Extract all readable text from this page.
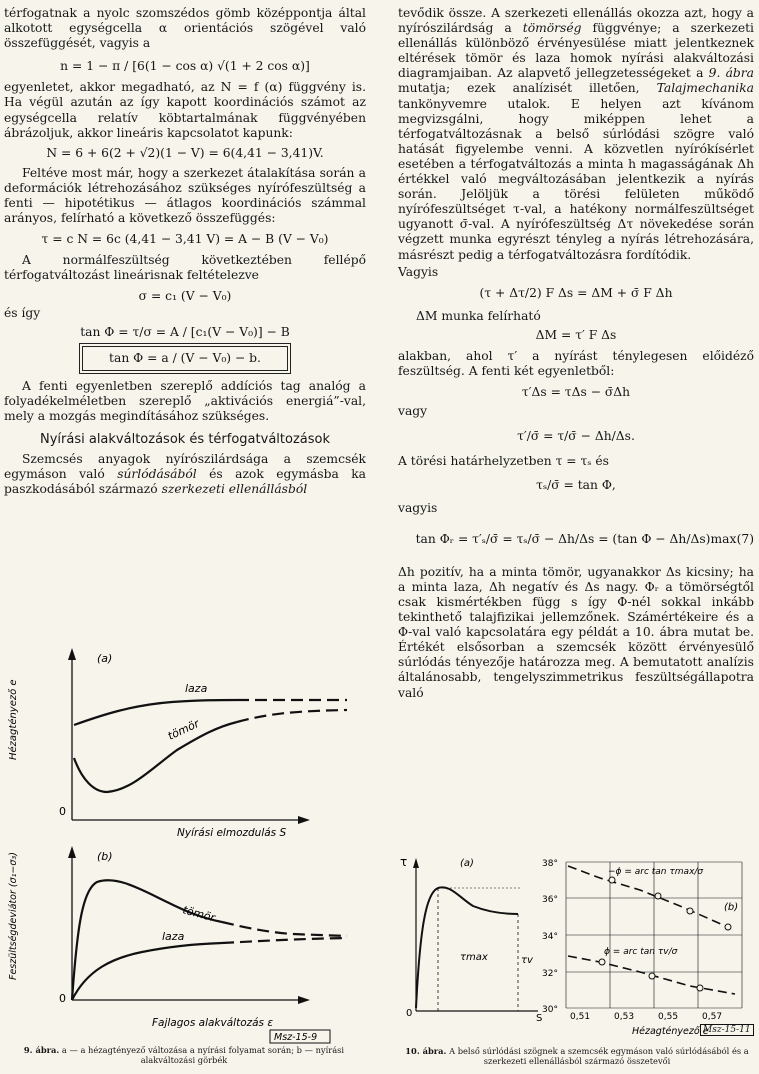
térfogatnak a nyolc szomszédos gömb középpontja által alkotott egységcella α orientációs szögével való összefüggését, vagyis a

n = 1 − π / [6(1 − cos α) √(1 + 2 cos α)]

egyenletet, akkor megadható, az N = f (α) függvény is. Ha végül azután az így kapott koordinációs számot az egységcella relatív köbtartalmának függvényében ábrázoljuk, akkor lineáris kapcsolatot kapunk:

N = 6 + 6(2 + √2)(1 − V) = 6(4,41 − 3,41)V.

Feltéve most már, hogy a szerkezet átalakítása során a deformációk létrehozásához szükséges nyírófeszültség a fenti — hipotétikus — átlagos koordinációs számmal arányos, felírható a következő összefüggés:

τ = c N = 6c (4,41 − 3,41 V) = A − B (V − V₀)

A normálfeszültség következtében fellépő térfogatváltozást lineárisnak feltételezve

σ = c₁ (V − V₀)

és így

tan Φ = τ/σ = A / [c₁(V − V₀)] − B
tan Φ = a / (V − V₀) − b.

A fenti egyenletben szereplő addíciós tag analóg a folyadékelméletben szereplő „aktivációs energiá”-val, mely a mozgás megindításához szükséges.

Nyírási alakváltozások és térfogatváltozások

Szemcsés anyagok nyírószilárdsága a szemcsék egymáson való súrlódásából és azok egymásba ka paszkodásából származó szerkezeti ellenállásból

tevődik össze. A szerkezeti ellenállás okozza azt, hogy a nyírószilárdság a tömörség függvénye; a szerkezeti ellenállás különböző érvényesülése miatt jelentkeznek eltérések tömör és laza homok nyírási alakváltozási diagramjaiban. Az alapvető jellegzetességeket a 9. ábra mutatja; ezek analízisét illetően, Talajmechanika tankönyvemre utalok. E helyen azt kívánom megvizsgálni, hogy miképpen lehet a térfogatváltozásnak a belső súrlódási szögre való hatását figyelembe venni. A közvetlen nyírókísérlet esetében a térfogatváltozás a minta h magasságának Δh értékkel való megváltozásában jelentkezik a nyírás során. Jelöljük a törési felületen működő nyírófeszültséget τ-val, a hatékony normálfeszültséget ugyanott σ̄-val. A nyírófeszültség Δτ növekedése során végzett munka egyrészt tényleg a nyírás létrehozására, másrészt pedig a térfogatváltozásra fordítódik.

Vagyis

(τ + Δτ/2) F Δs = ΔM + σ̄ F Δh

ΔM munka felírható

ΔM = τ′ F Δs

alakban, ahol τ′ a nyírást ténylegesen előidéző feszültség. A fenti két egyenletből:

τ′Δs = τΔs − σ̄Δh

vagy

τ′/σ̄ = τ/σ̄ − Δh/Δs.

A törési határhelyzetben τ = τₛ és

τₛ/σ̄ = tan Φ,

vagyis

tan Φᵣ = τ′ₛ/σ̄ = τₛ/σ̄ − Δh/Δs = (tan Φ − Δh/Δs)max (7)

Δh pozitív, ha a minta tömör, ugyanakkor Δs kicsiny; ha a minta laza, Δh negatív és Δs nagy. Φᵣ a tömörségtől csak kismértékben függ s így Φ-nél sokkal inkább tekinthető talajfizikai jellemzőnek. Számértékeire és a Φ-val való kapcsolatára egy példát a 10. ábra mutat be. Értékét elsősorban a szemcsék között érvényesülő súrlódás tényezője határozza meg. A bemutatott analízis általánosabb, tengelyszimmetrikus feszültségállapotra való

(a)
0
Hézagtényező e
Nyírási elmozdulás S
laza
tömör
(b)
0
Feszültségdeviátor (σ₁−σ₃)
Fajlagos alakváltozás ε
tömör
laza
Msz-15-9
9. ábra. a — a hézagtényező változása a nyírási folyamat során; b — nyírási alakváltozási görbék
τ	(a)
0	S
τmax	τv
38°
36°
34°
32°
30°
0,51	0,53	0,55	0,57
−ϕ = arc tan τmax/σ
ϕ = arc tan τv/σ
(b)
Hézagtényező e
Msz-15-11
10. ábra. A belső súrlódási szögnek a szemcsék egymáson való súrlódásából és a szerkezeti ellenállásból származó összetevői
